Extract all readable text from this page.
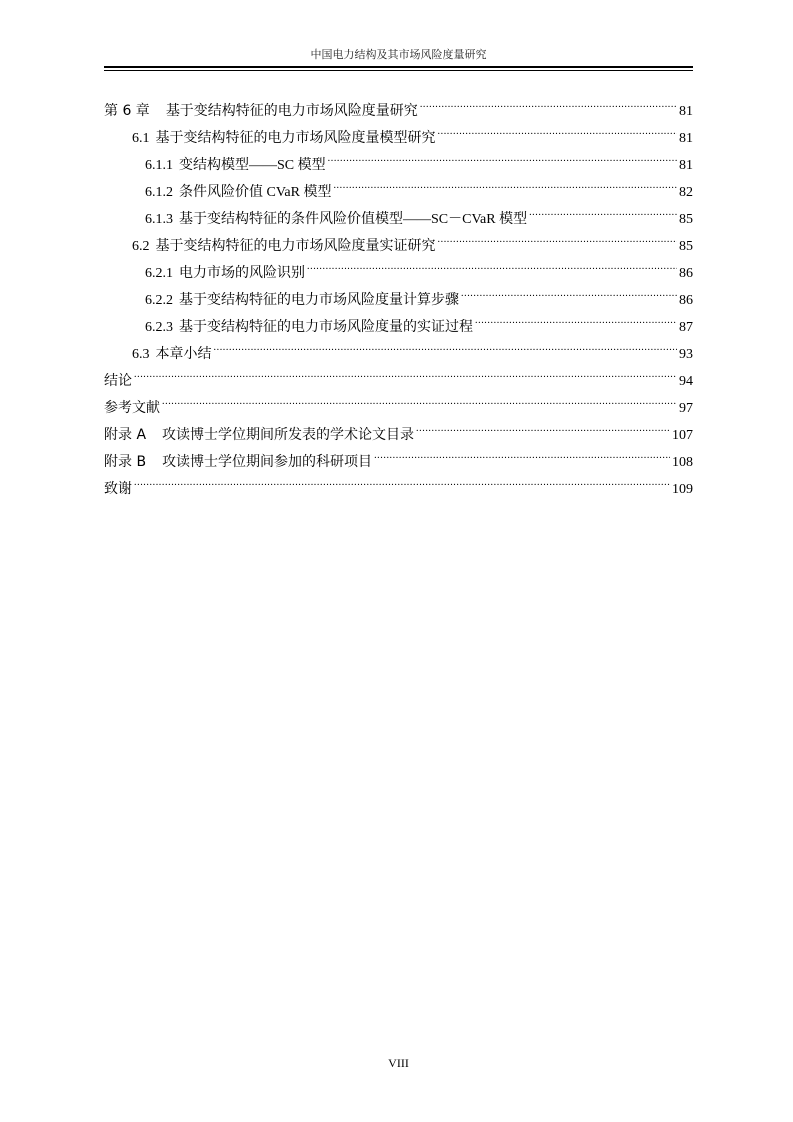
中国电力结构及其市场风险度量研究
第 6 章 基于变结构特征的电力市场风险度量研究 .....	81
6.1 基于变结构特征的电力市场风险度量模型研究 .....	81
6.1.1 变结构模型——SC 模型 .....	81
6.1.2 条件风险价值 CVaR 模型 .....	82
6.1.3 基于变结构特征的条件风险价值模型——SC－CVaR 模型 .....	85
6.2 基于变结构特征的电力市场风险度量实证研究 .....	85
6.2.1 电力市场的风险识别 .....	86
6.2.2 基于变结构特征的电力市场风险度量计算步骤 .....	86
6.2.3 基于变结构特征的电力市场风险度量的实证过程 .....	87
6.3 本章小结 .....	93
结论 .....	94
参考文献 .....	97
附录 A 攻读博士学位期间所发表的学术论文目录 .....	107
附录 B 攻读博士学位期间参加的科研项目 .....	108
致谢 .....	109
VIII
